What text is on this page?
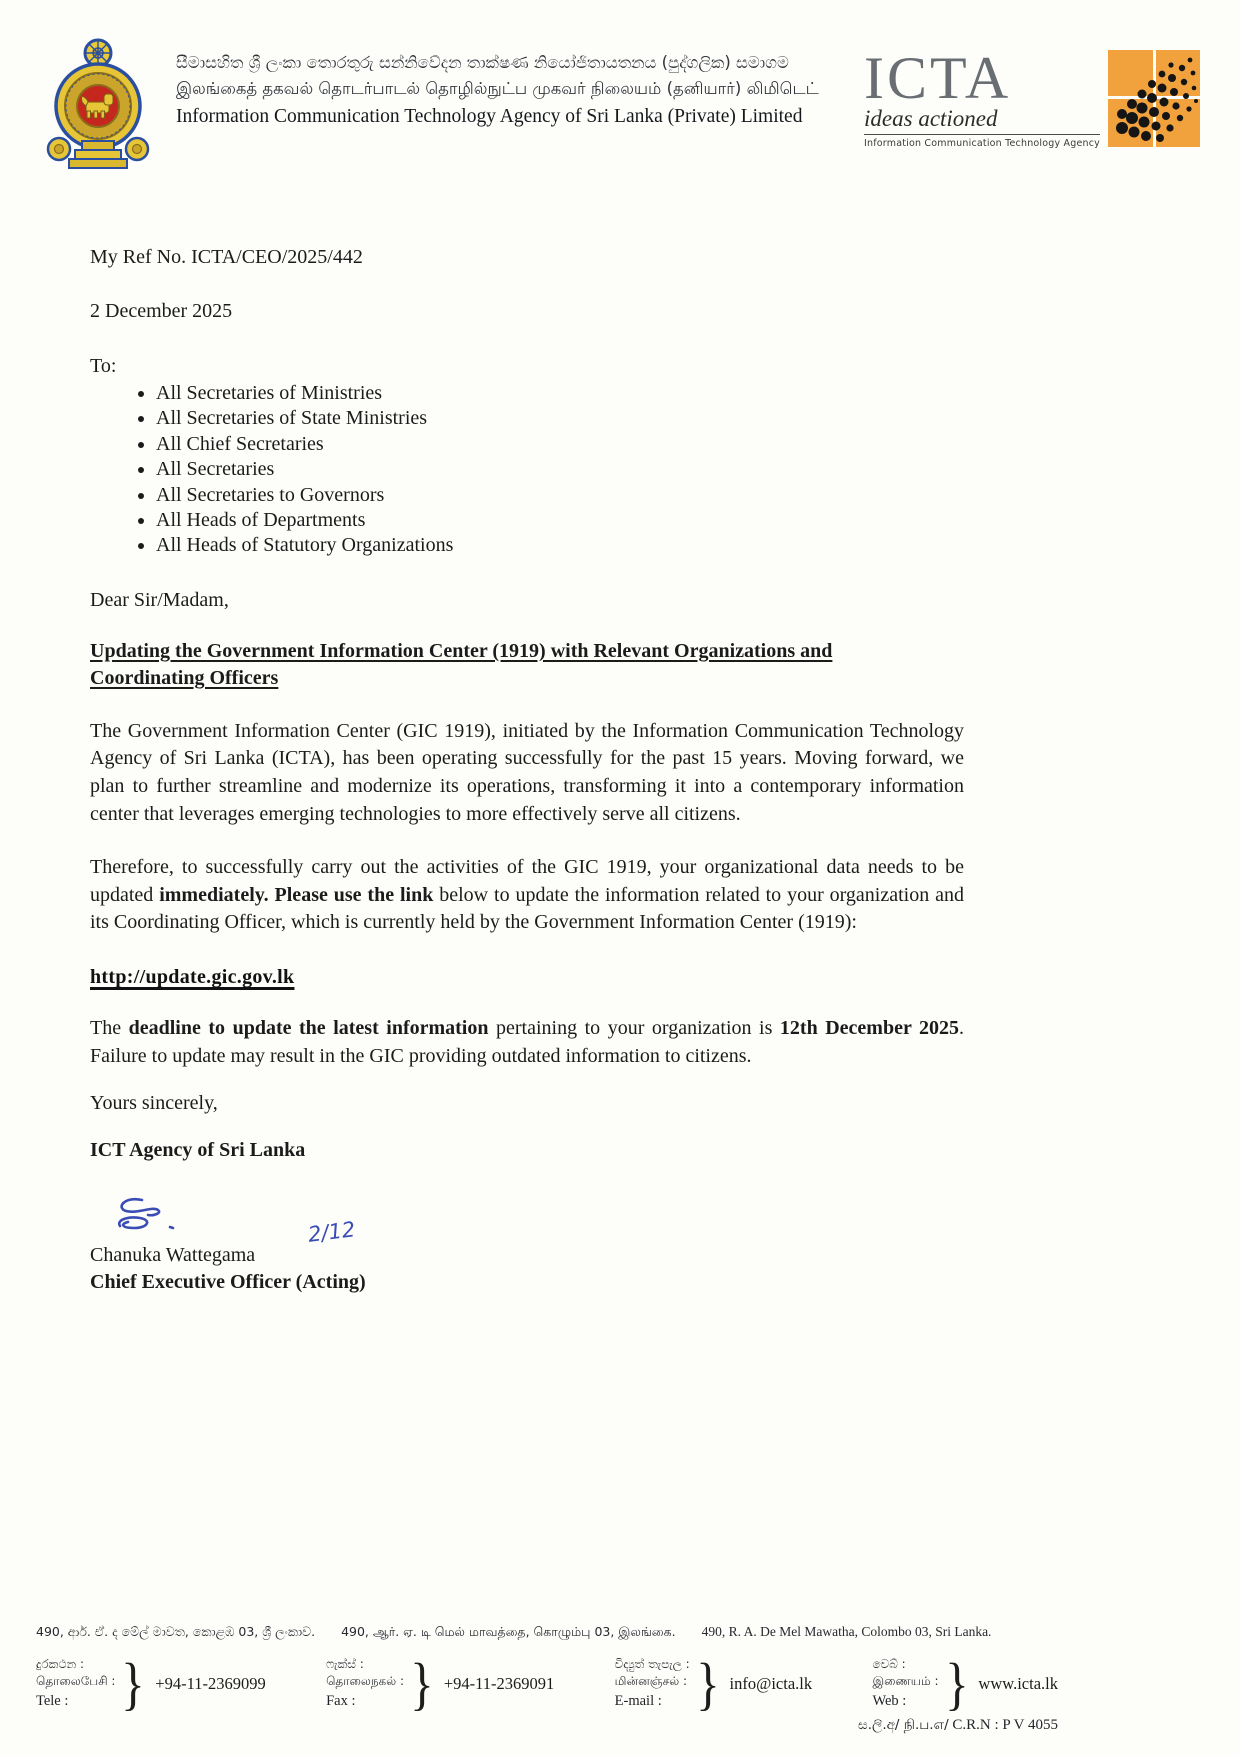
සීමාසහිත ශ්‍රී ලංකා තොරතුරු සන්නිවේදන තාක්ෂණ නියෝජිතායතනය (පුද්ගලික) සමාගම
இலங்கைத் தகவல் தொடர்பாடல் தொழில்நுட்ப முகவர் நிலையம் (தனியார்) லிமிடெட்
Information Communication Technology Agency of Sri Lanka (Private) Limited
ICTA
ideas actioned
Information Communication Technology Agency
My Ref No. ICTA/CEO/2025/442
2 December 2025
To:
• All Secretaries of Ministries
• All Secretaries of State Ministries
• All Chief Secretaries
• All Secretaries
• All Secretaries to Governors
• All Heads of Departments
• All Heads of Statutory Organizations
Dear Sir/Madam,
Updating the Government Information Center (1919) with Relevant Organizations and
Coordinating Officers

The Government Information Center (GIC 1919), initiated by the Information Communication Technology Agency of Sri Lanka (ICTA), has been operating successfully for the past 15 years. Moving forward, we plan to further streamline and modernize its operations, transforming it into a contemporary information center that leverages emerging technologies to more effectively serve all citizens.

Therefore, to successfully carry out the activities of the GIC 1919, your organizational data needs to be updated immediately. Please use the link below to update the information related to your organization and its Coordinating Officer, which is currently held by the Government Information Center (1919):

http://update.gic.gov.lk

The deadline to update the latest information pertaining to your organization is 12th December 2025. Failure to update may result in the GIC providing outdated information to citizens.

Yours sincerely,
ICT Agency of Sri Lanka
2/12
Chanuka Wattegama
Chief Executive Officer (Acting)
490, ආර්. ඒ. ද මේල් මාවත, කොළඹ 03, ශ්‍රී ලංකාව. 490, ஆர். ஏ. டி மெல் மாவத்தை, கொழும்பு 03, இலங்கை. 490, R. A. De Mel Mawatha, Colombo 03, Sri Lanka.
දුරකථන :
தொலைபேசி :
Tele : } +94-11-2369099
ෆැක්ස් :
தொலைநகல் :
Fax : } +94-11-2369091
විද්‍යුත් තැපැල :
மின்னஞ்சல் :
E-mail : } info@icta.lk
වෙබ් :
இணையம் :
Web : } www.icta.lk
ස.ලි.අ/ நி.ப.எ/ C.R.N : P V 4055
